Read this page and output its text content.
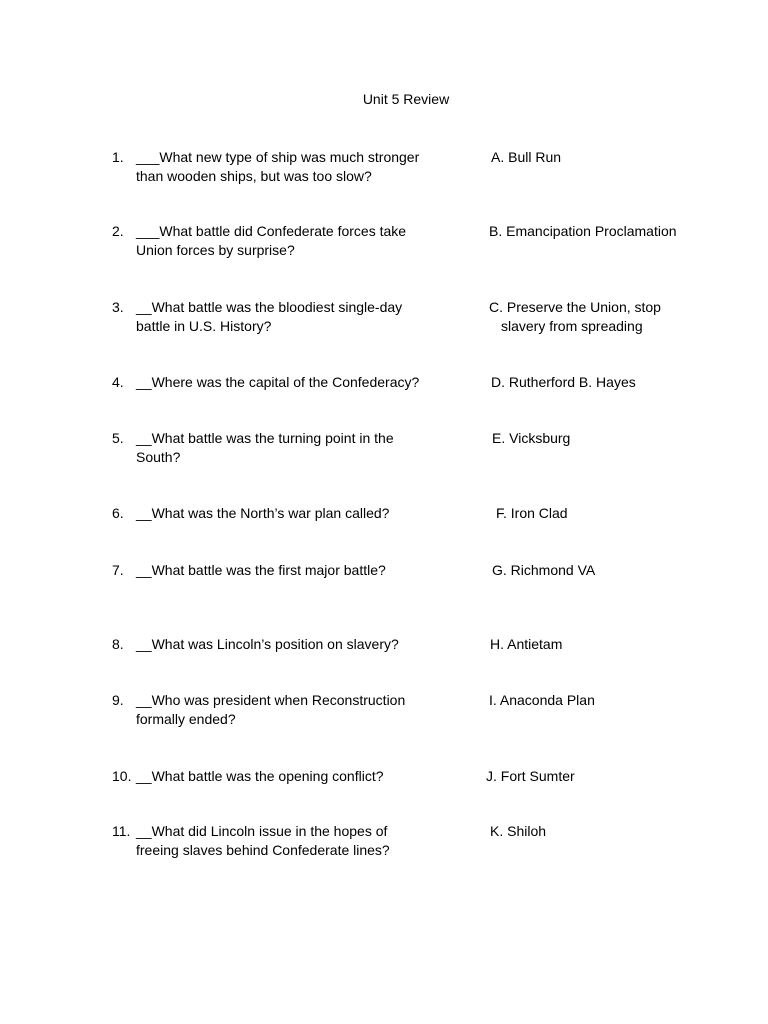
Unit 5 Review
1. ___What new type of ship was much stronger than wooden ships, but was too slow?
2. ___What battle did Confederate forces take Union forces by surprise?
3. __What battle was the bloodiest single-day battle in U.S. History?
4. __Where was the capital of the Confederacy?
5. __What battle was the turning point in the South?
6. __What was the North’s war plan called?
7. __What battle was the first major battle?
8. __What was Lincoln’s position on slavery?
9. __Who was president when Reconstruction formally ended?
10. __What battle was the opening conflict?
11. __What did Lincoln issue in the hopes of freeing slaves behind Confederate lines?
A. Bull Run
B. Emancipation Proclamation
C. Preserve the Union, stop
slavery from spreading
D. Rutherford B. Hayes
E. Vicksburg
F. Iron Clad
G. Richmond VA
H. Antietam
I. Anaconda Plan
J. Fort Sumter
K. Shiloh
